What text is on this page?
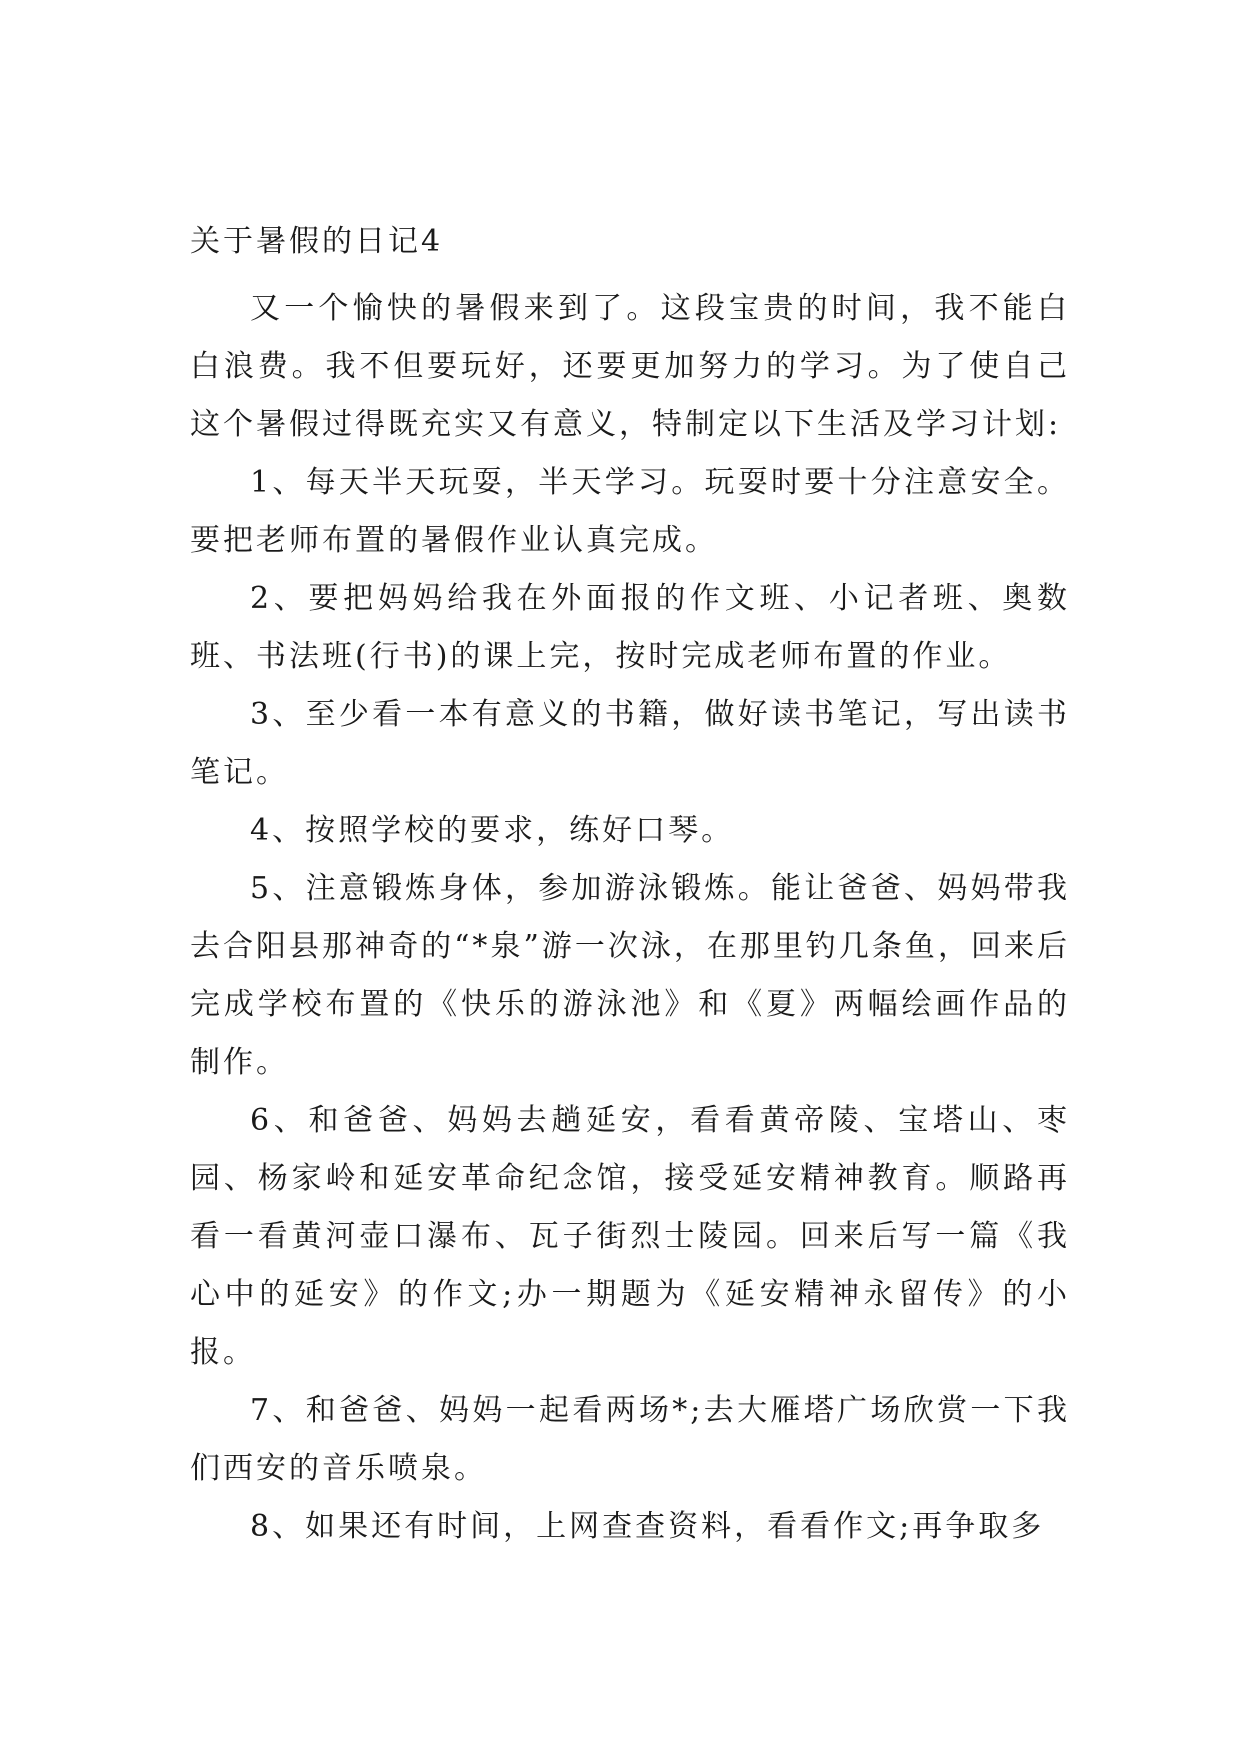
关于暑假的日记4

又一个愉快的暑假来到了。这段宝贵的时间，我不能白白浪费。我不但要玩好，还要更加努力的学习。为了使自己这个暑假过得既充实又有意义，特制定以下生活及学习计划:

1、每天半天玩耍，半天学习。玩耍时要十分注意安全。要把老师布置的暑假作业认真完成。

2、要把妈妈给我在外面报的作文班、小记者班、奥数班、书法班(行书)的课上完，按时完成老师布置的作业。

3、至少看一本有意义的书籍，做好读书笔记，写出读书笔记。

4、按照学校的要求，练好口琴。

5、注意锻炼身体，参加游泳锻炼。能让爸爸、妈妈带我去合阳县那神奇的“*泉”游一次泳，在那里钓几条鱼，回来后完成学校布置的《快乐的游泳池》和《夏》两幅绘画作品的制作。

6、和爸爸、妈妈去趟延安，看看黄帝陵、宝塔山、枣园、杨家岭和延安革命纪念馆，接受延安精神教育。顺路再看一看黄河壶口瀑布、瓦子街烈士陵园。回来后写一篇《我心中的延安》的作文;办一期题为《延安精神永留传》的小报。

7、和爸爸、妈妈一起看两场*;去大雁塔广场欣赏一下我们西安的音乐喷泉。

8、如果还有时间，上网查查资料，看看作文;再争取多
